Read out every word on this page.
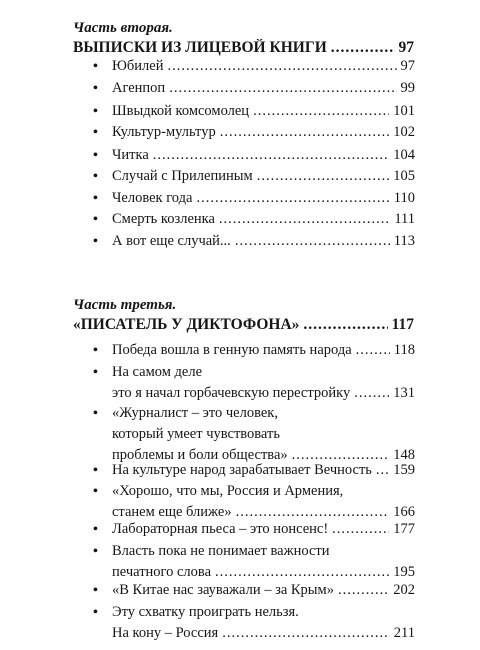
Часть вторая.
ВЫПИСКИ ИЗ ЛИЦЕВОЙ КНИГИ .....	97
• Юбилей .....	97
• Агенпоп .....	99
• Швыдкой комсомолец .....	101
• Культур-мультур .....	102
• Читка .....	104
• Случай с Прилепиным .....	105
• Человек года .....	110
• Смерть козленка .....	111
• А вот еще случай... .....	113
Часть третья.
«ПИСАТЕЛЬ У ДИКТОФОНА» .....	117
• Победа вошла в генную память народа .....	118
• На самом деле
это я начал горбачевскую перестройку .....	131
• «Журналист – это человек,
который умеет чувствовать
проблемы и боли общества» .....	148
• На культуре народ зарабатывает Вечность ..... 159
• «Хорошо, что мы, Россия и Армения,
станем еще ближе» .....	166
• Лабораторная пьеса – это нонсенс! .....	177
• Власть пока не понимает важности
печатного слова .....	195
• «В Китае нас зауважали – за Крым» .....	202
• Эту схватку проиграть нельзя.
На кону – Россия .....	211
